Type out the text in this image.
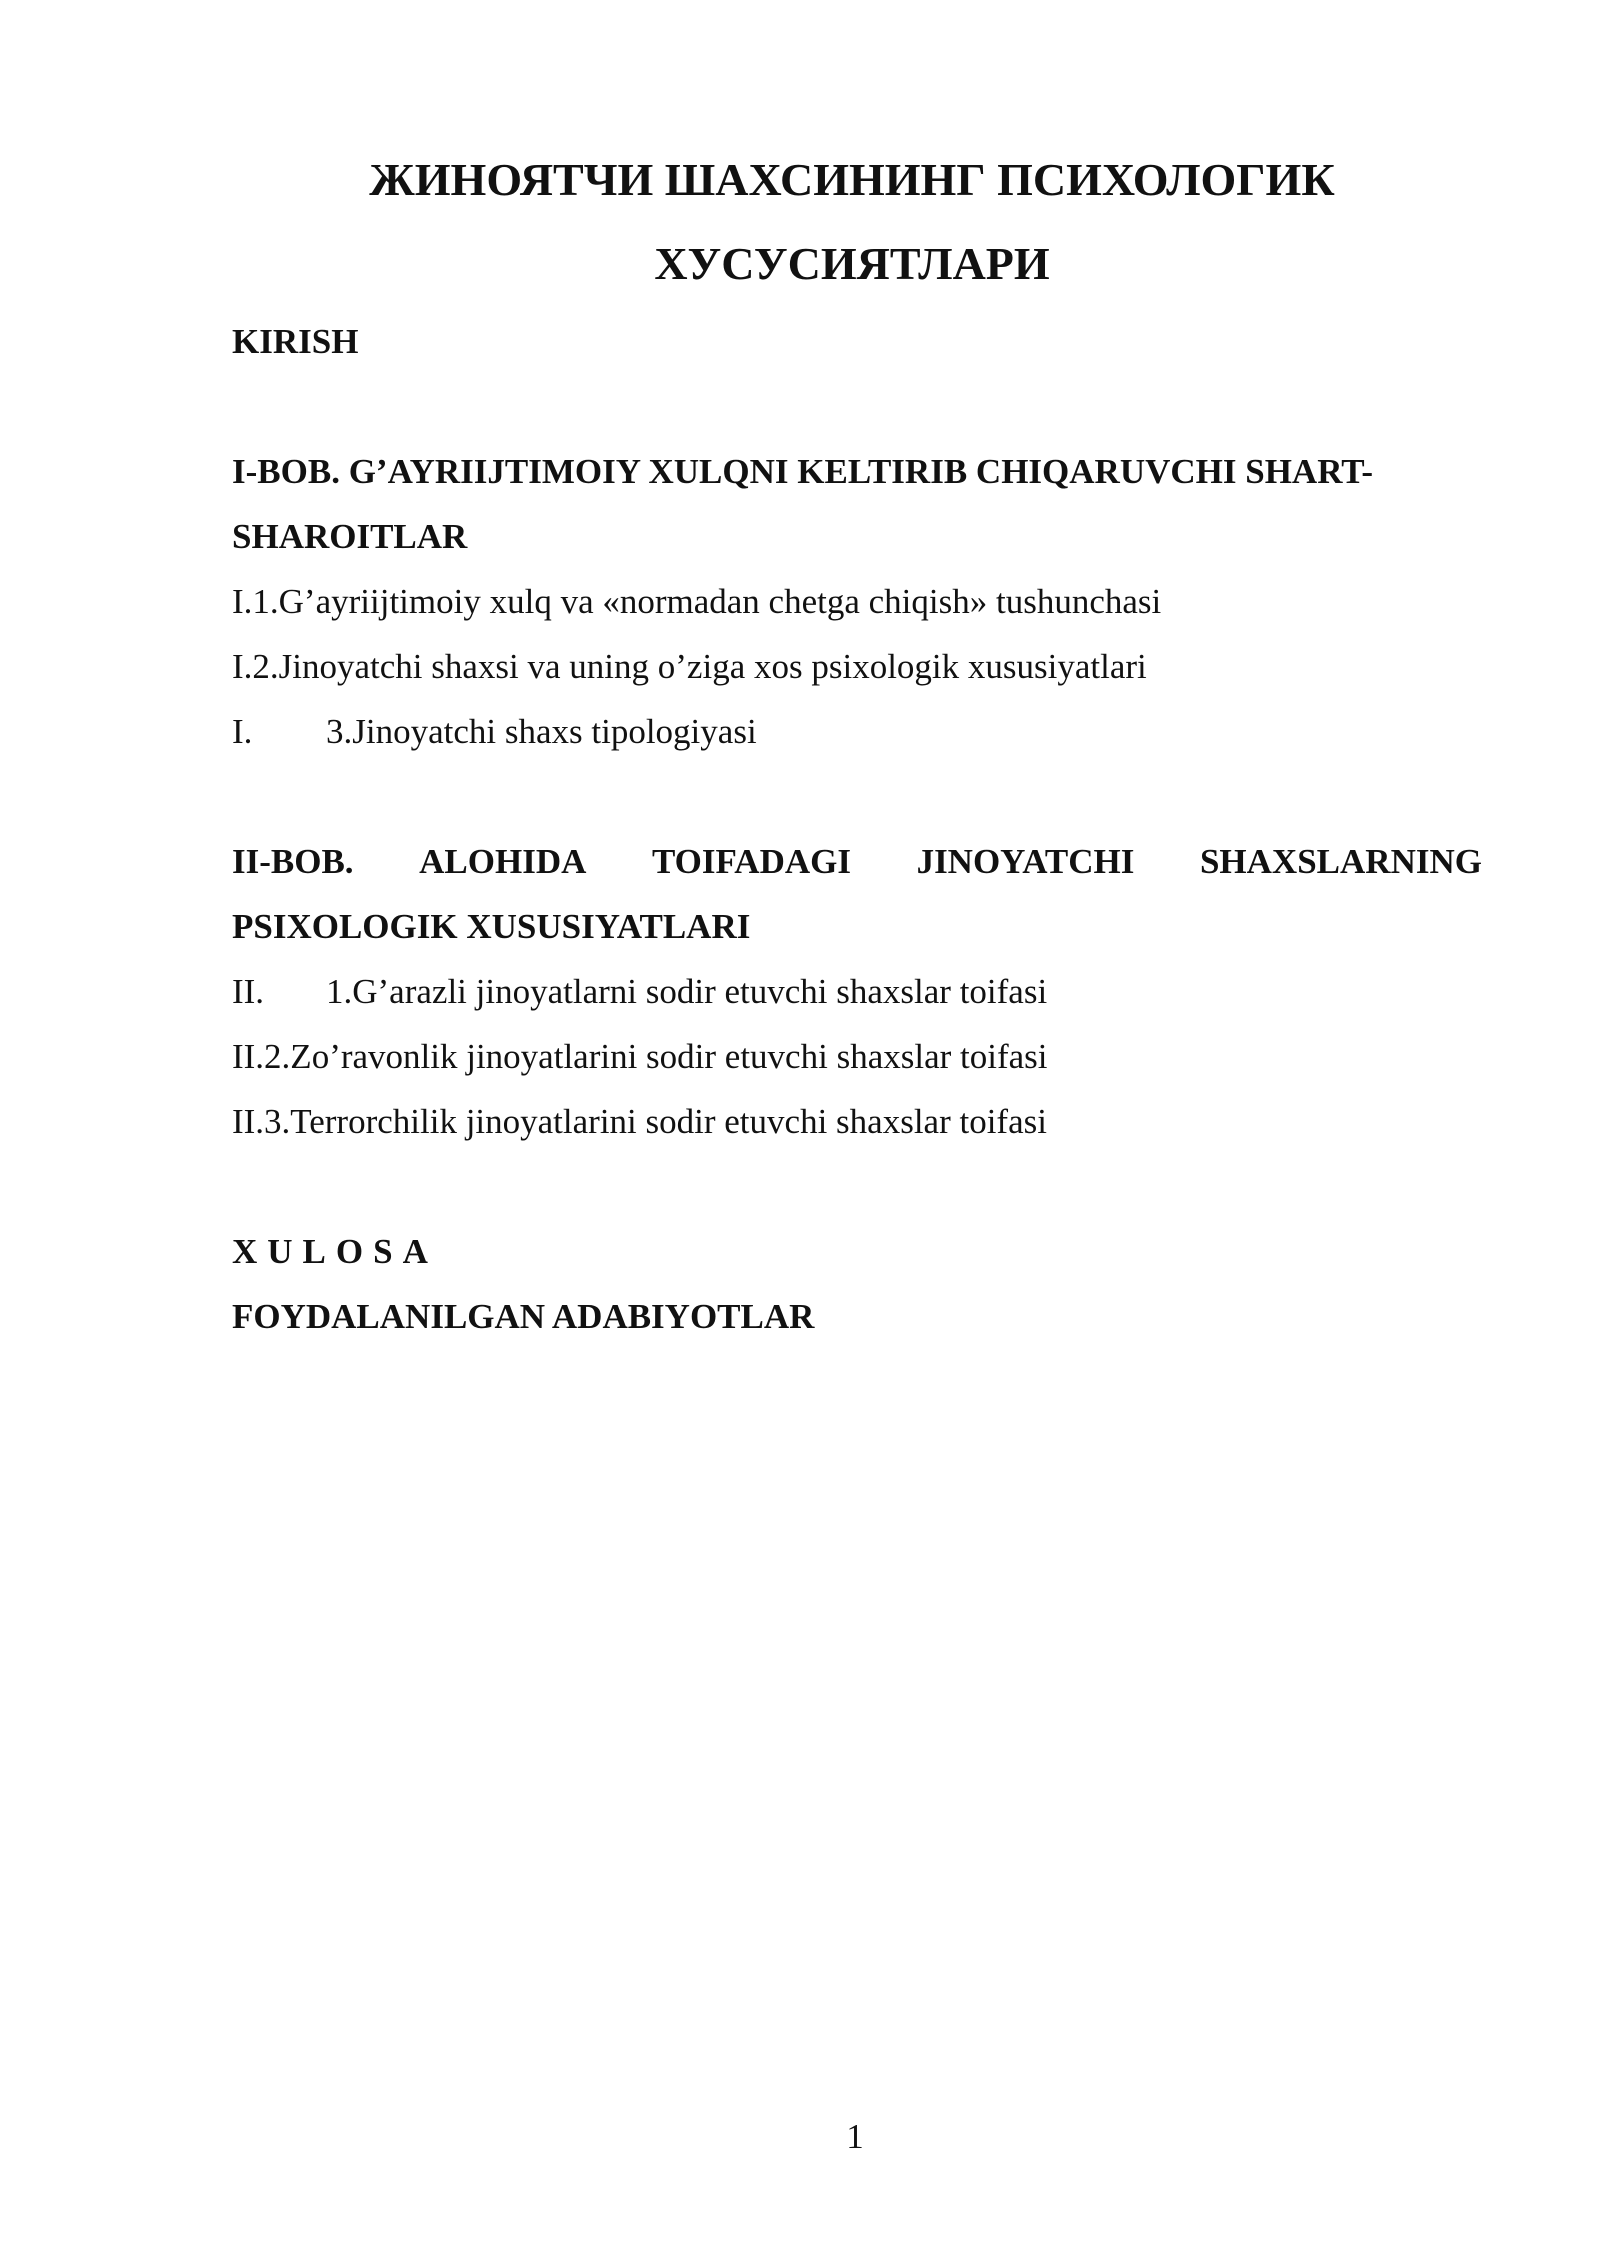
ЖИНОЯТЧИ ШАХСИНИНГ ПСИХОЛОГИК
ХУСУСИЯТЛАРИ

KIRISH

I-BOB. G’AYRIIJTIMOIY XULQNI KELTIRIB CHIQARUVCHI SHART-

SHAROITLAR

I.1.G’ayriijtimoiy xulq va «normadan chetga chiqish» tushunchasi

I.2.Jinoyatchi shaxsi va uning o’ziga xos psixologik xususiyatlari

I. 3.Jinoyatchi shaxs tipologiyasi

II-BOB. ALOHIDA TOIFADAGI JINOYATCHI SHAXSLARNING

PSIXOLOGIK XUSUSIYATLARI

II. 1.G’arazli jinoyatlarni sodir etuvchi shaxslar toifasi

II.2.Zo’ravonlik jinoyatlarini sodir etuvchi shaxslar toifasi

II.3.Terrorchilik jinoyatlarini sodir etuvchi shaxslar toifasi

XULOSA

FOYDALANILGAN ADABIYOTLAR

1
